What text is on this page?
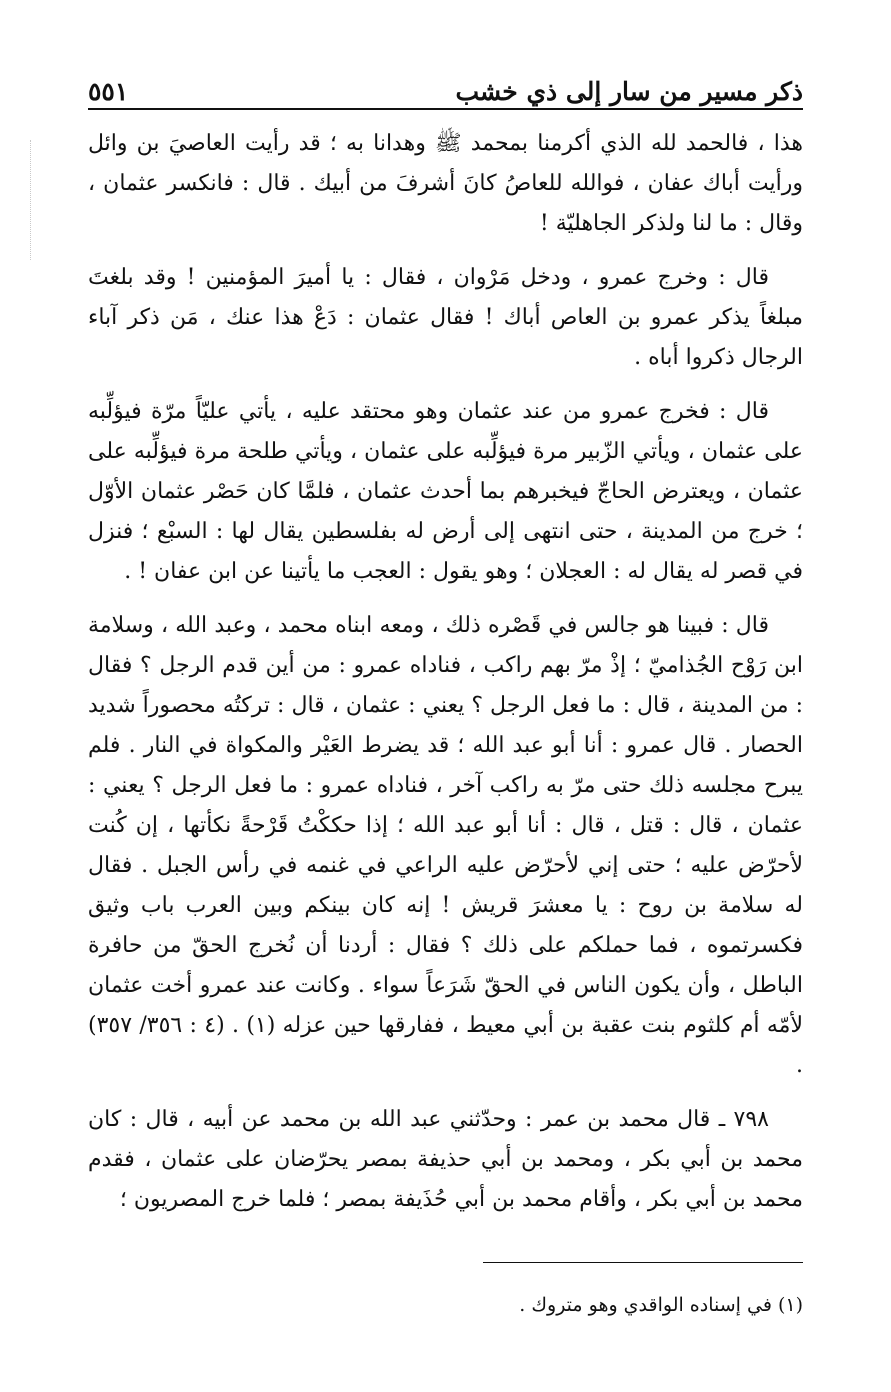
ذكر مسير من سار إلى ذي خشب
٥٥١

هذا ، فالحمد لله الذي أكرمنا بمحمد ﷺ وهدانا به ؛ قد رأيت العاصيَ بن وائل ورأيت أباك عفان ، فوالله للعاصُ كانَ أشرفَ من أبيك . قال : فانكسر عثمان ، وقال : ما لنا ولذكر الجاهليّة !

قال : وخرج عمرو ، ودخل مَرْوان ، فقال : يا أميرَ المؤمنين ! وقد بلغتَ مبلغاً يذكر عمرو بن العاص أباك ! فقال عثمان : دَعْ هذا عنك ، مَن ذكر آباء الرجال ذكروا أباه .

قال : فخرج عمرو من عند عثمان وهو محتقد عليه ، يأتي عليّاً مرّة فيؤلِّبه على عثمان ، ويأتي الزّبير مرة فيؤلِّبه على عثمان ، ويأتي طلحة مرة فيؤلِّبه على عثمان ، ويعترض الحاجّ فيخبرهم بما أحدث عثمان ، فلمَّا كان حَصْر عثمان الأوّل ؛ خرج من المدينة ، حتى انتهى إلى أرض له بفلسطين يقال لها : السبْع ؛ فنزل في قصر له يقال له : العجلان ؛ وهو يقول : العجب ما يأتينا عن ابن عفان ! .

قال : فبينا هو جالس في قَصْره ذلك ، ومعه ابناه محمد ، وعبد الله ، وسلامة ابن رَوْح الجُذاميّ ؛ إذْ مرّ بهم راكب ، فناداه عمرو : من أين قدم الرجل ؟ فقال : من المدينة ، قال : ما فعل الرجل ؟ يعني : عثمان ، قال : تركتُه محصوراً شديد الحصار . قال عمرو : أنا أبو عبد الله ؛ قد يضرط العَيْر والمكواة في النار . فلم يبرح مجلسه ذلك حتى مرّ به راكب آخر ، فناداه عمرو : ما فعل الرجل ؟ يعني : عثمان ، قال : قتل ، قال : أنا أبو عبد الله ؛ إذا حككْتُ قَرْحةً نكأتها ، إن كُنت لأحرّض عليه ؛ حتى إني لأحرّض عليه الراعي في غنمه في رأس الجبل . فقال له سلامة بن روح : يا معشرَ قريش ! إنه كان بينكم وبين العرب باب وثيق فكسرتموه ، فما حملكم على ذلك ؟ فقال : أردنا أن نُخرج الحقّ من حافرة الباطل ، وأن يكون الناس في الحقّ شَرَعاً سواء . وكانت عند عمرو أخت عثمان لأمّه أم كلثوم بنت عقبة بن أبي معيط ، ففارقها حين عزله (١) . (٤ : ٣٥٦/ ٣٥٧) .

٧٩٨ ـ قال محمد بن عمر : وحدّثني عبد الله بن محمد عن أبيه ، قال : كان محمد بن أبي بكر ، ومحمد بن أبي حذيفة بمصر يحرّضان على عثمان ، فقدم محمد بن أبي بكر ، وأقام محمد بن أبي حُذَيفة بمصر ؛ فلما خرج المصريون ؛

(١) في إسناده الواقدي وهو متروك .
